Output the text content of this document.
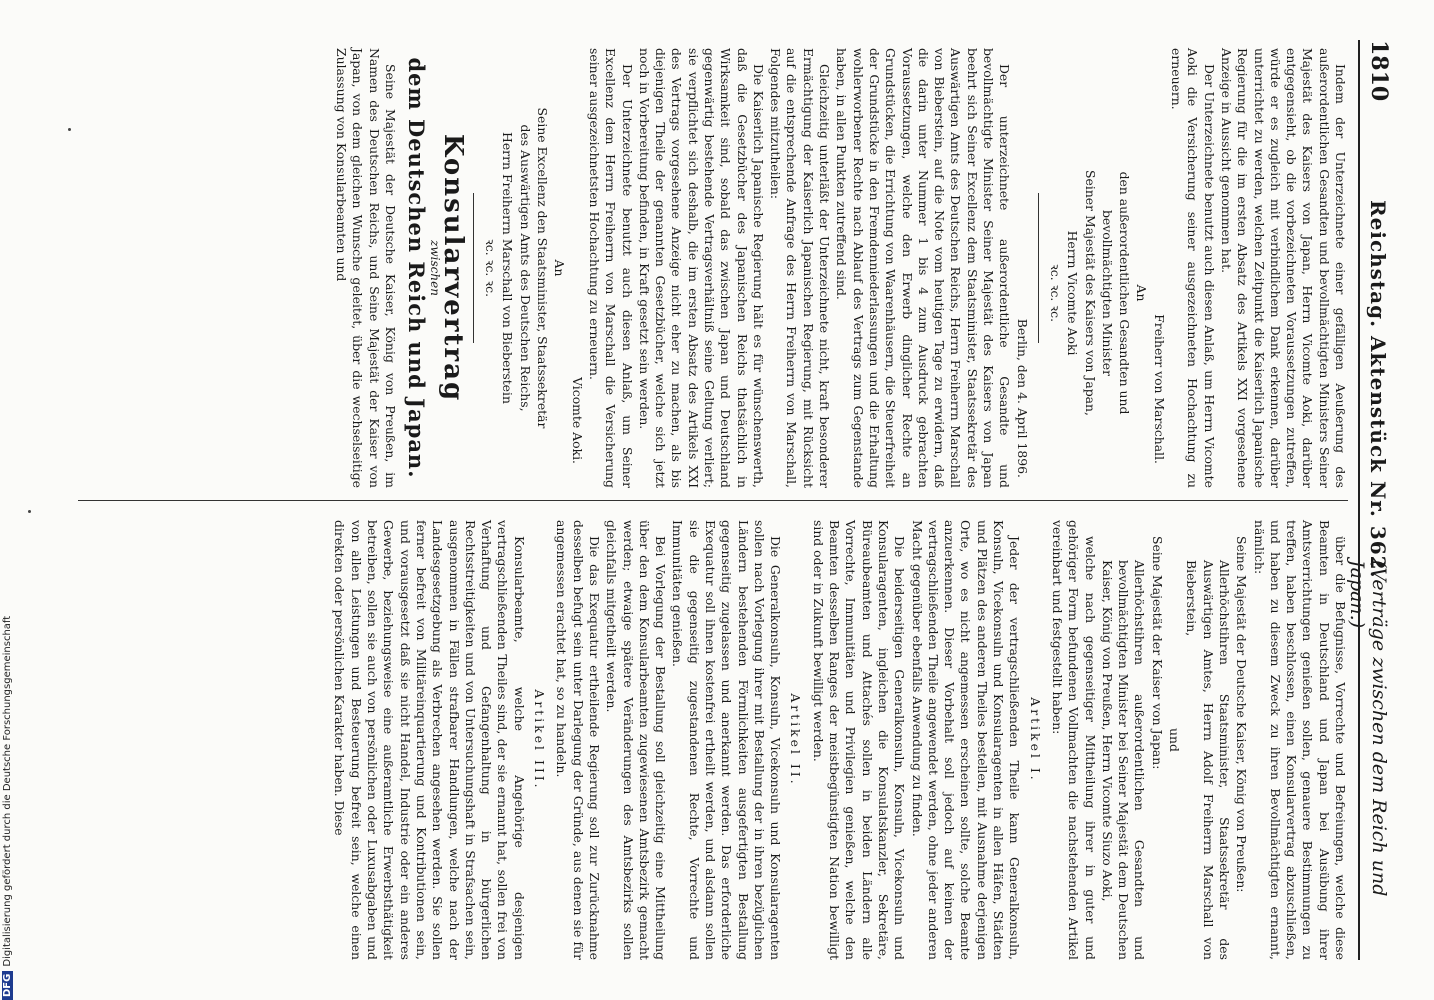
1810
Reichstag. Aktenstück Nr. 362.
(Verträge zwischen dem Reich und Japan.)

Indem der Unterzeichnete einer gefälligen Aeußerung des außerordentlichen Gesandten und bevollmächtigten Ministers Seiner Majestät des Kaisers von Japan, Herrn Vicomte Aoki, darüber entgegensieht, ob die vorbezeichneten Voraussetzungen zutreffen, würde er es zugleich mit verbindlichem Dank erkennen, darüber unterrichtet zu werden, welchen Zeitpunkt die Kaiserlich Japanische Regierung für die im ersten Absatz des Artikels XXI vorgesehene Anzeige in Aussicht genommen hat.

Der Unterzeichnete benutzt auch diesen Anlaß, um Herrn Vicomte Aoki die Versicherung seiner ausgezeichneten Hochachtung zu erneuern.

Freiherr von Marschall.

An

den außerordentlichen Gesandten und

bevollmächtigten Minister

Seiner Majestät des Kaisers von Japan,

Herrn Vicomte Aoki

ꝛc. ꝛc. ꝛc.

Berlin, den 4. April 1896.

Der unterzeichnete außerordentliche Gesandte und bevollmächtigte Minister Seiner Majestät des Kaisers von Japan beehrt sich Seiner Excellenz dem Staatsminister, Staatssekretär des Auswärtigen Amts des Deutschen Reichs, Herrn Freiherrn Marschall von Bieberstein, auf die Note vom heutigen Tage zu erwidern, daß die darin unter Nummer 1 bis 4 zum Ausdruck gebrachten Voraussetzungen, welche den Erwerb dinglicher Rechte an Grundstücken, die Errichtung von Waarenhäusern, die Steuerfreiheit der Grundstücke in den Fremdenniederlassungen und die Erhaltung wohlerworbener Rechte nach Ablauf des Vertrags zum Gegenstande haben, in allen Punkten zutreffend sind.

Gleichzeitig unterläßt der Unterzeichnete nicht, kraft besonderer Ermächtigung der Kaiserlich Japanischen Regierung, mit Rücksicht auf die entsprechende Anfrage des Herrn Freiherrn von Marschall, Folgendes mitzutheilen:

Die Kaiserlich Japanische Regierung hält es für wünschenswerth, daß die Gesetzbücher des Japanischen Reichs thatsächlich in Wirksamkeit sind, sobald das zwischen Japan und Deutschland gegenwärtig bestehende Vertragsverhältniß seine Geltung verliert; sie verpflichtet sich deshalb, die im ersten Absatz des Artikels XXI des Vertrags vorgesehene Anzeige nicht eher zu machen, als bis diejenigen Theile der genannten Gesetzbücher, welche sich jetzt noch in Vorbereitung befinden, in Kraft gesetzt sein werden.

Der Unterzeichnete benutzt auch diesen Anlaß, um Seiner Excellenz dem Herrn Freiherrn von Marschall die Versicherung seiner ausgezeichnetsten Hochachtung zu erneuern.

Vicomte Aoki.

An

Seine Excellenz den Staatsminister, Staatssekretär

des Auswärtigen Amts des Deutschen Reichs,

Herrn Freiherrn Marschall von Bieberstein

ꝛc. ꝛc. ꝛc.

Konsularvertrag
zwischen
dem Deutschen Reich und Japan.

Seine Majestät der Deutsche Kaiser, König von Preußen, im Namen des Deutschen Reichs, und Seine Majestät der Kaiser von Japan, von dem gleichen Wunsche geleitet, über die wechselseitige Zulassung von Konsularbeamten und

über die Befugnisse, Vorrechte und Befreiungen, welche diese Beamten in Deutschland und Japan bei Ausübung ihrer Amtsverrichtungen genießen sollen, genauere Bestimmungen zu treffen, haben beschlossen, einen Konsularvertrag abzuschließen, und haben zu diesem Zweck zu ihren Bevollmächtigten ernannt, nämlich:

Seine Majestät der Deutsche Kaiser, König von Preußen:

Allerhöchstihren Staatsminister, Staatssekretär des Auswärtigen Amtes, Herrn Adolf Freiherrn Marschall von Bieberstein,

und

Seine Majestät der Kaiser von Japan:

Allerhöchstihren außerordentlichen Gesandten und bevollmächtigten Minister bei Seiner Majestät dem Deutschen Kaiser, König von Preußen, Herrn Vicomte Siuzo Aoki,

welche nach gegenseitiger Mittheilung ihrer in guter und gehöriger Form befundenen Vollmachten die nachstehenden Artikel vereinbart und festgestellt haben:

Artikel I.

Jeder der vertragschließenden Theile kann Generalkonsuln, Konsuln, Vicekonsuln und Konsularagenten in allen Häfen, Städten und Plätzen des anderen Theiles bestellen, mit Ausnahme derjenigen Orte, wo es nicht angemessen erscheinen sollte, solche Beamte anzuerkennen. Dieser Vorbehalt soll jedoch auf keinen der vertragschließenden Theile angewendet werden, ohne jeder anderen Macht gegenüber ebenfalls Anwendung zu finden.

Die beiderseitigen Generalkonsuln, Konsuln, Vicekonsuln und Konsularagenten, ingleichen die Konsulatskanzler, Sekretäre, Büreaubeamten und Attachés sollen in beiden Ländern alle Vorrechte, Immunitäten und Privilegien genießen, welche den Beamten desselben Ranges der meistbegünstigten Nation bewilligt sind oder in Zukunft bewilligt werden.

Artikel II.

Die Generalkonsuln, Konsuln, Vicekonsuln und Konsularagenten sollen nach Vorlegung ihrer mit Bestallung der in ihren bezüglichen Ländern bestehenden Förmlichkeiten ausgefertigten Bestallung gegenseitig zugelassen und anerkannt werden. Das erforderliche Exequatur soll ihnen kostenfrei ertheilt werden, und alsdann sollen sie die gegenseitig zugestandenen Rechte, Vorrechte und Immunitäten genießen.

Bei Vorlegung der Bestallung soll gleichzeitig eine Mittheilung über den dem Konsularbeamten zugewiesenen Amtsbezirk gemacht werden; etwaige spätere Veränderungen des Amtsbezirks sollen gleichfalls mitgetheilt werden.

Die das Exequatur ertheilende Regierung soll zur Zurücknahme desselben befugt sein unter Darlegung der Gründe, aus denen sie für angemessen erachtet hat, so zu handeln.

Artikel III.

Konsularbeamte, welche Angehörige desjenigen vertragschließenden Theiles sind, der sie ernannt hat, sollen frei von Verhaftung und Gefangenhaltung in bürgerlichen Rechtsstreitigkeiten und von Untersuchungshaft in Strafsachen sein, ausgenommen in Fällen strafbarer Handlungen, welche nach der Landesgesetzgebung als Verbrechen angesehen werden. Sie sollen ferner befreit von Militäreinquartierung und Kontributionen sein, und vorausgesetzt daß sie nicht Handel, Industrie oder ein anderes Gewerbe, beziehungsweise eine außeramtliche Erwerbsthätigkeit betreiben, sollen sie auch von persönlichen oder Luxusabgaben und von allen Leistungen und Besteuerung befreit sein, welche einen direkten oder persönlichen Karakter haben. Diese

DFGDigitalisierung gefördert durch die Deutsche Forschungsgemeinschaft
